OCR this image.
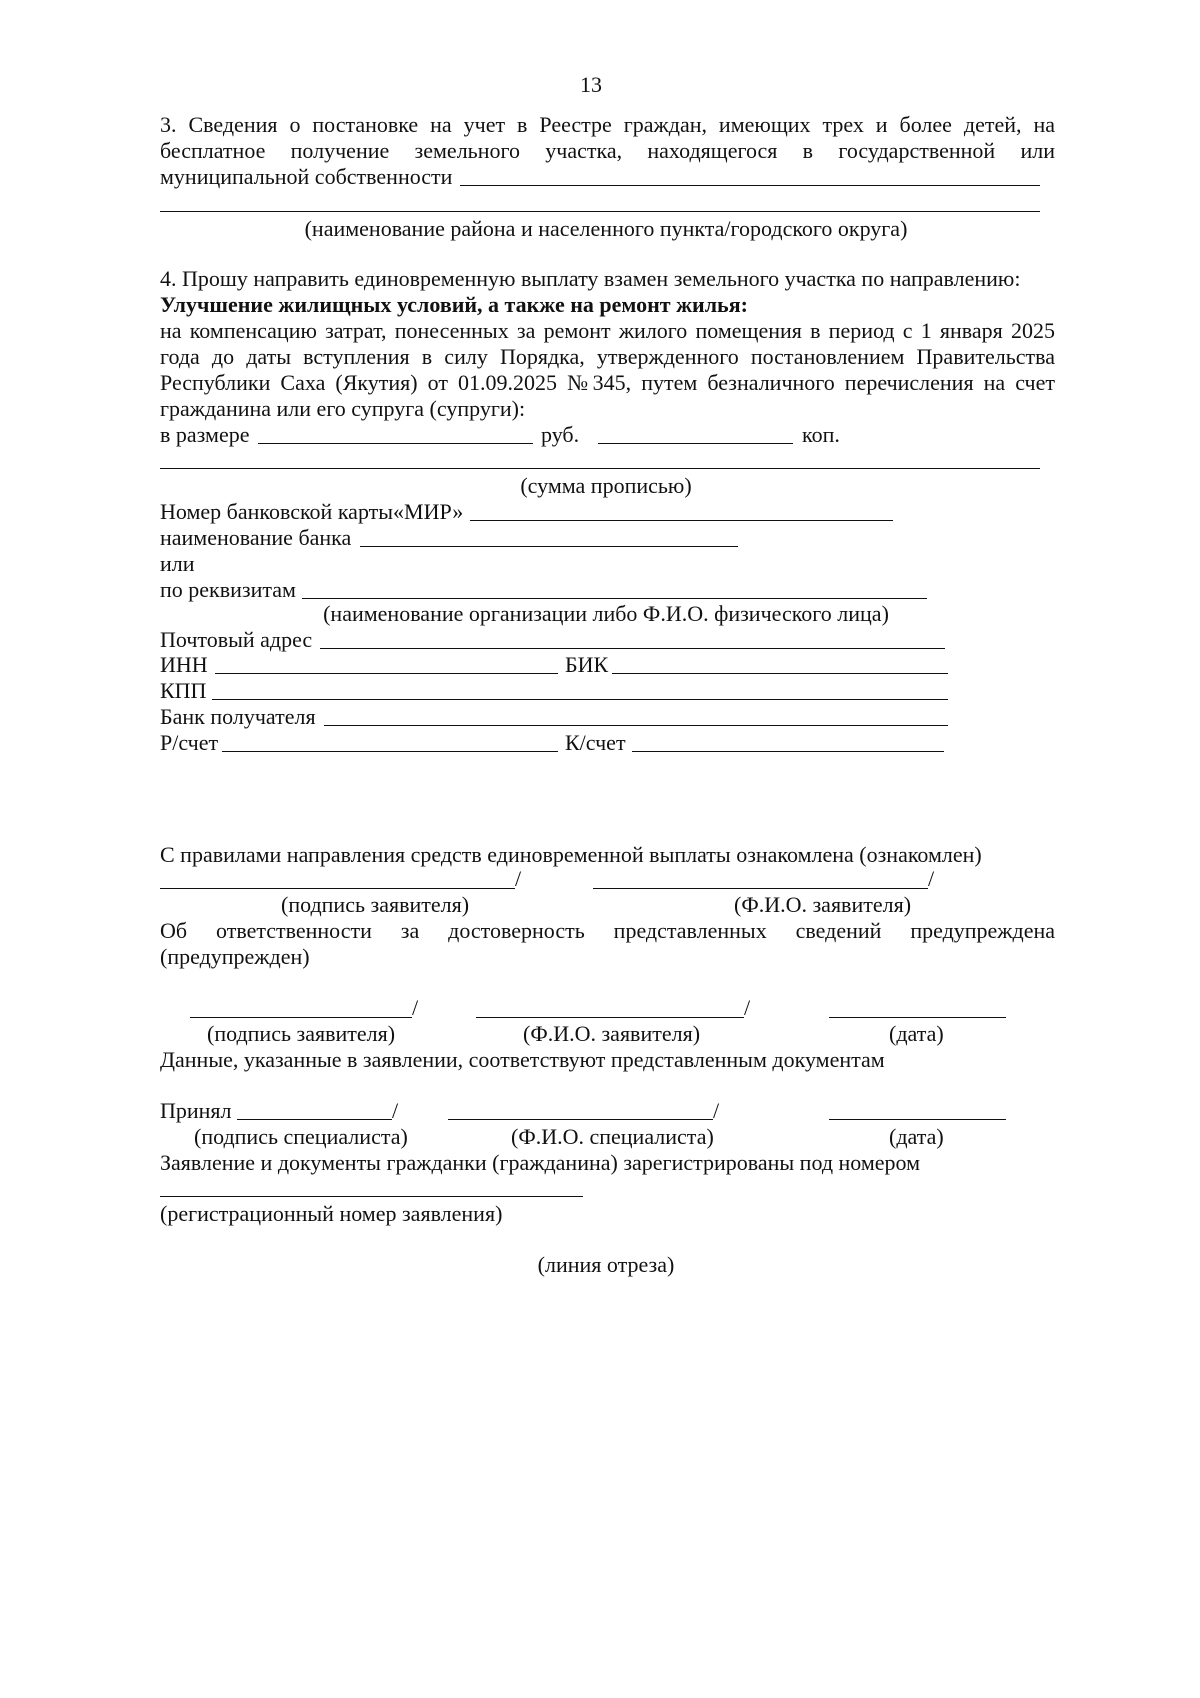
13
3. Сведения о постановке на учет в Реестре граждан, имеющих трех и более детей, на
бесплатное получение земельного участка, находящегося в государственной или
муниципальной собственности
(наименование района и населенного пункта/городского округа)
4. Прошу направить единовременную выплату взамен земельного участка по направлению:
Улучшение жилищных условий, а также на ремонт жилья:
на компенсацию затрат, понесенных за ремонт жилого помещения в период с 1 января 2025
года до даты вступления в силу Порядка, утвержденного постановлением Правительства
Республики Саха (Якутия) от 01.09.2025 №345, путем безналичного перечисления на счет
гражданина или его супруга (супруги):
в размере	руб.	коп.
(сумма прописью)
Номер банковской карты«МИР»
наименование банка
или
по реквизитам
(наименование организации либо Ф.И.О. физического лица)
Почтовый адрес
ИНН	БИК
КПП
Банк получателя
Р/счет	К/счет
С правилами направления средств единовременной выплаты ознакомлена (ознакомлен)
/	/
(подпись заявителя)	(Ф.И.О. заявителя)
Об ответственности за достоверность представленных сведений предупреждена
(предупрежден)
/	/
(подпись заявителя)	(Ф.И.О. заявителя)	(дата)
Данные, указанные в заявлении, соответствуют представленным документам
Принял	/	/
(подпись специалиста)	(Ф.И.О. специалиста)	(дата)
Заявление и документы гражданки (гражданина) зарегистрированы под номером
(регистрационный номер заявления)
(линия отреза)
